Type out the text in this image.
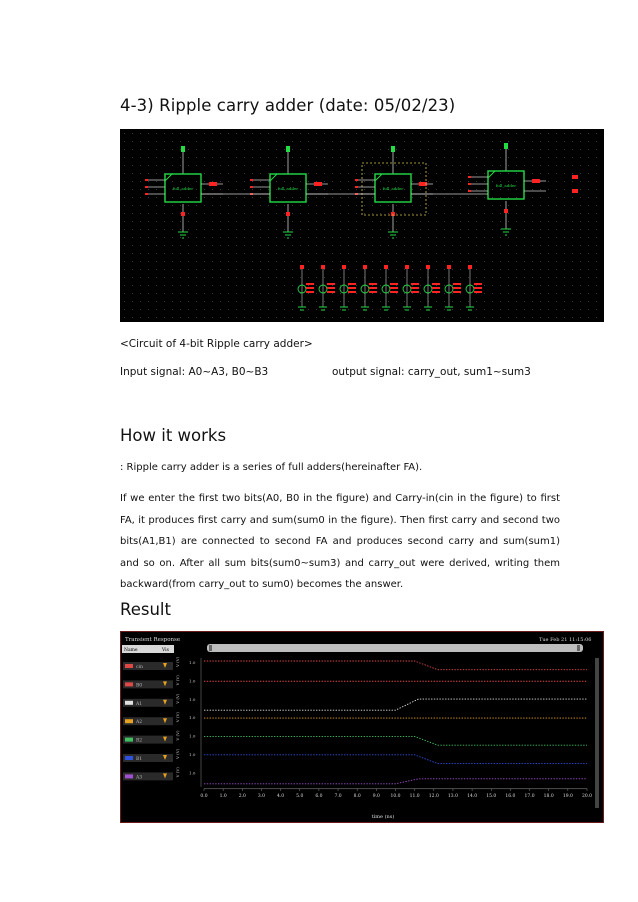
4-3) Ripple carry adder (date: 05/02/23)
full_adder	full_adder	full_adder
full_adder
<Circuit of 4-bit Ripple carry adder>
Input signal: A0~A3, B0~B3	output signal: carry_out, sum1~sum3
How it works
: Ripple carry adder is a series of full adders(hereinafter FA).
If we enter the first two bits(A0, B0 in the figure) and Carry-in(cin in the figure) to first FA, it produces first carry and sum(sum0 in the figure). Then first carry and second two bits(A1,B1) are connected to second FA and produces second carry and sum(sum1) and so on. After all sum bits(sum0~sum3) and carry_out were derived, writing them backward(from carry_out to sum0) becomes the answer.
Result
Transient Response	Tue Feb 21 11:15:06
Name	Vis
cin
B0
A1
A2
B2
B1
A3
V (V) 1.0
V (V) 1.0
V (V) 1.0
V (V) 1.0
V (V) 1.0
V (V) 1.0
V (V) 1.0
0.0	1.0	2.0	3.0	4.0	5.0	6.0	7.0	8.0	9.0 10.0 11.0 12.0 13.0 14.0 15.0 16.0 17.0 18.0 19.0 20.0
time (ns)
